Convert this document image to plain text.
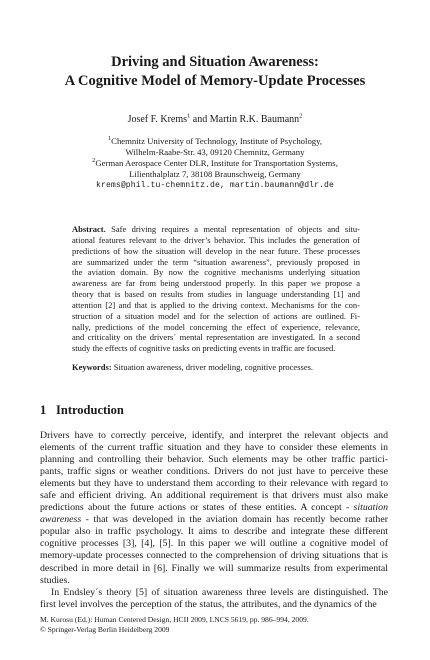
Driving and Situation Awareness:
A Cognitive Model of Memory-Update Processes
Josef F. Krems$^1$ and Martin R.K. Baumann$^2$
$^1$Chemnitz University of Technology, Institute of Psychology,
Wilhelm-Raabe-Str. 43, 09120 Chemnitz, Germany
$^2$German Aerospace Center DLR, Institute for Transportation Systems,
Lilienthalplatz 7, 38108 Braunschweig, Germany
krems@phil.tu-chemnitz.de, martin.baumann@dlr.de
Abstract. Safe driving requires a mental representation of objects and situ-
ational features relevant to the driver’s behavior. This includes the generation of
predictions of how the situation will develop in the near future. These processes
are summarized under the term “situation awareness”, previously proposed in
the aviation domain. By now the cognitive mechanisms underlying situation
awareness are far from being understood properly. In this paper we propose a
theory that is based on results from studies in language understanding [1] and
attention [2] and that is applied to the driving context. Mechanisms for the con-
struction of a situation model and for the selection of actions are outlined. Fi-
nally, predictions of the model concerning the effect of experience, relevance,
and criticality on the drivers´ mental representation are investigated. In a second
study the effects of cognitive tasks on predicting events in traffic are focused.
Keywords: Situation awareness, driver modeling, cognitive processes.
1 Introduction
Drivers have to correctly perceive, identify, and interpret the relevant objects and
elements of the current traffic situation and they have to consider these elements in
planning and controlling their behavior. Such elements may be other traffic partici-
pants, traffic signs or weather conditions. Drivers do not just have to perceive these
elements but they have to understand them according to their relevance with regard to
safe and efficient driving. An additional requirement is that drivers must also make
predictions about the future actions or states of these entities. A concept - situation
awareness - that was developed in the aviation domain has recently become rather
popular also in traffic psychology. It aims to describe and integrate these different
cognitive processes [3], [4], [5]. In this paper we will outline a cognitive model of
memory-update processes connected to the comprehension of driving situations that is
described in more detail in [6]. Finally we will summarize results from experimental
studies.
In Endsley´s theory [5] of situation awareness three levels are distinguished. The
first level involves the perception of the status, the attributes, and the dynamics of the
M. Kurosu (Ed.): Human Centered Design, HCII 2009, LNCS 5619, pp. 986–994, 2009.
© Springer-Verlag Berlin Heidelberg 2009
